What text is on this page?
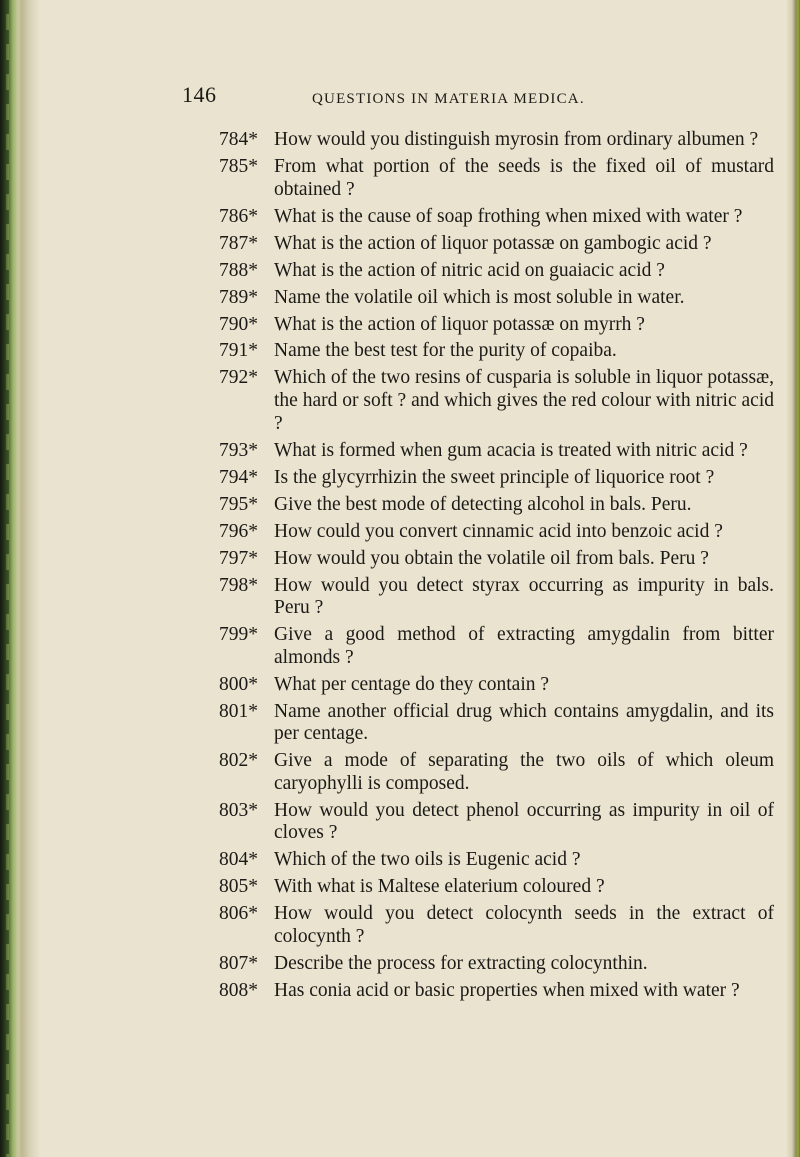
146	QUESTIONS IN MATERIA MEDICA.
784* How would you distinguish myrosin from ordinary albumen ?
785* From what portion of the seeds is the fixed oil of mustard obtained ?
786* What is the cause of soap frothing when mixed with water ?
787* What is the action of liquor potassæ on gambogic acid ?
788* What is the action of nitric acid on guaiacic acid ?
789* Name the volatile oil which is most soluble in water.
790* What is the action of liquor potassæ on myrrh ?
791* Name the best test for the purity of copaiba.
792* Which of the two resins of cusparia is soluble in liquor potassæ, the hard or soft ? and which gives the red colour with nitric acid ?
793* What is formed when gum acacia is treated with nitric acid ?
794* Is the glycyrrhizin the sweet principle of liquorice root ?
795* Give the best mode of detecting alcohol in bals. Peru.
796* How could you convert cinnamic acid into benzoic acid ?
797* How would you obtain the volatile oil from bals. Peru ?
798* How would you detect styrax occurring as impurity in bals. Peru ?
799* Give a good method of extracting amygdalin from bitter almonds ?
800* What per centage do they contain ?
801* Name another official drug which contains amygdalin, and its per centage.
802* Give a mode of separating the two oils of which oleum caryophylli is composed.
803* How would you detect phenol occurring as impurity in oil of cloves ?
804* Which of the two oils is Eugenic acid ?
805* With what is Maltese elaterium coloured ?
806* How would you detect colocynth seeds in the extract of colocynth ?
807* Describe the process for extracting colocynthin.
808* Has conia acid or basic properties when mixed with water ?
